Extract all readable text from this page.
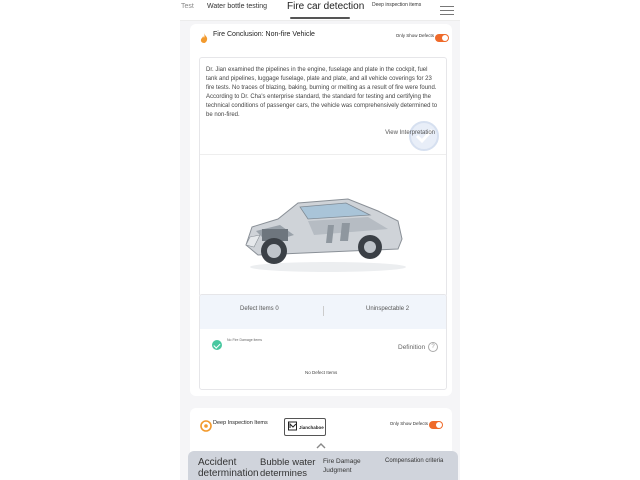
Test Water bottle testing Fire car detection Deep inspection items
Fire Conclusion: Non-fire Vehicle	Only Show Defects
Dr. Jian examined the pipelines in the engine, fuselage and plate in the cockpit, fuel tank and pipelines, luggage fuselage, plate and plate, and all vehicle coverings for 23 fire tests. No traces of blazing, baking, burning or melting as a result of fire were found. According to Dr. Cha's enterprise standard, the standard for testing and certifying the technical conditions of passenger cars, the vehicle was comprehensively determined to be non-fired.
View Interpretation
Defect Items 0	Uninspectable 2
No Fire Damage items
Definition	?
No Defect Items
Deep Inspection Items
Jianchaboe
Only Show Defects
Accident determination
Bubble water determines
Fire Damage Judgment
Compensation criteria
